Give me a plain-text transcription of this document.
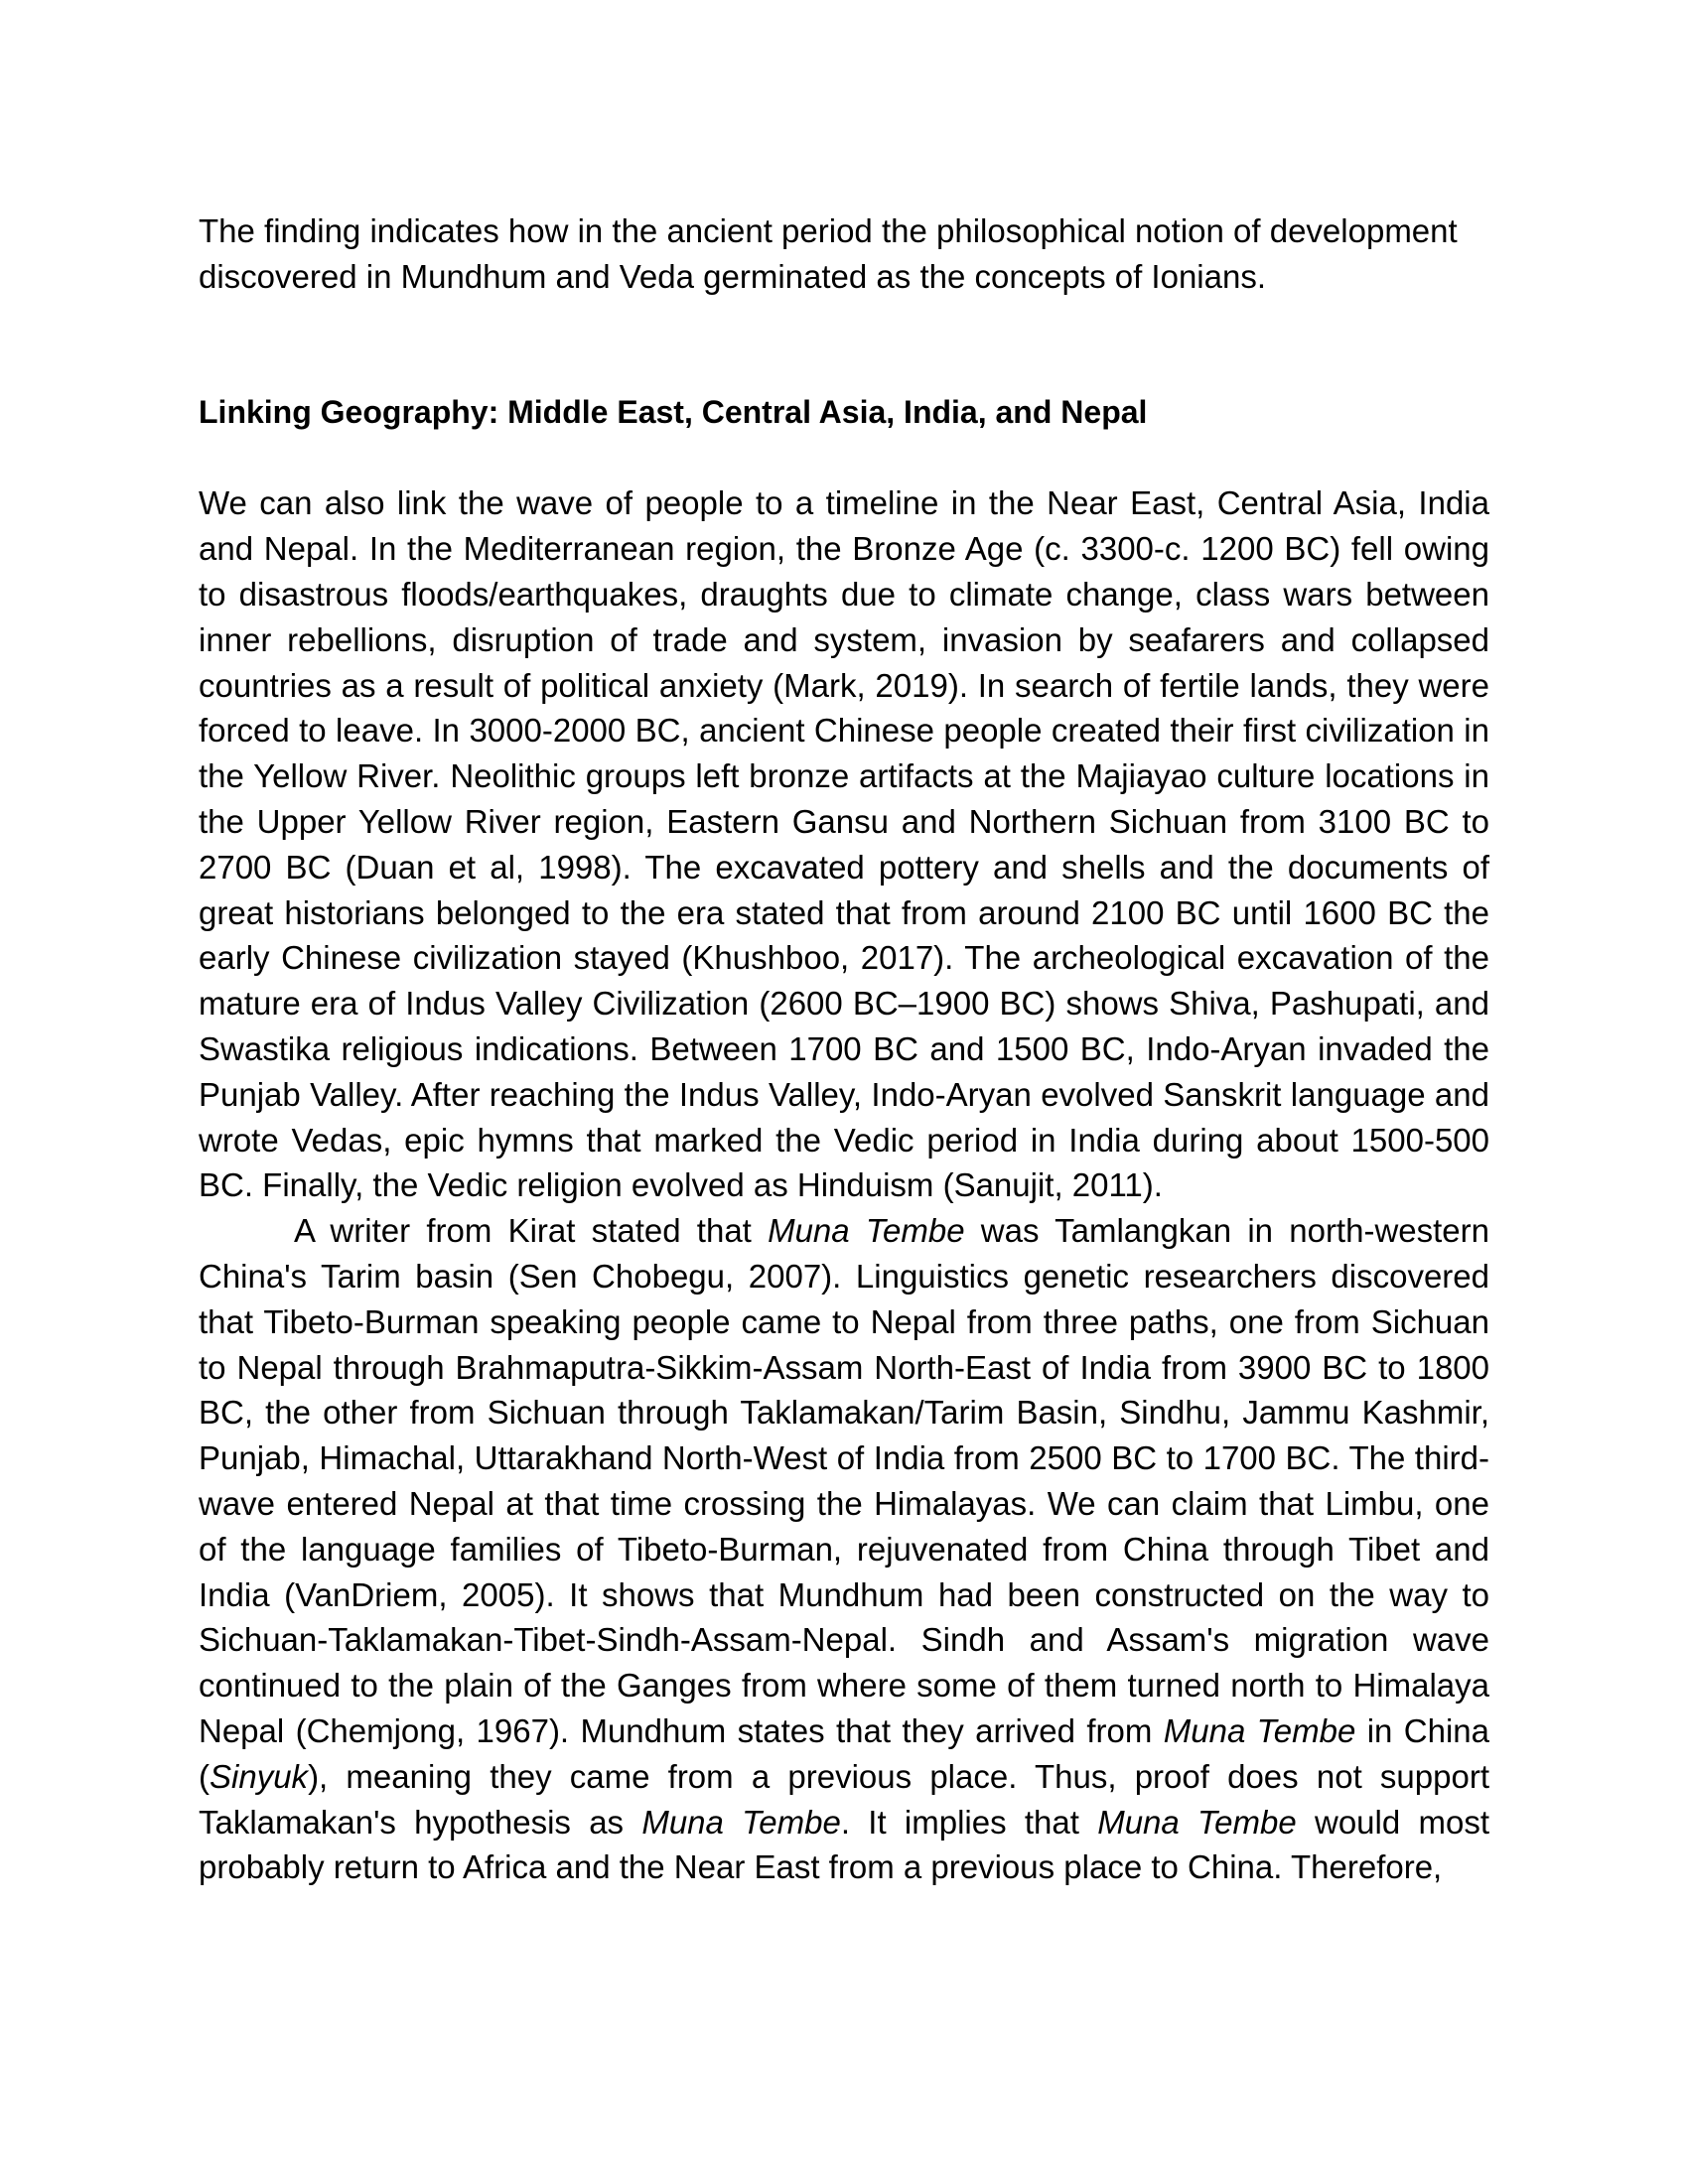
The finding indicates how in the ancient period the philosophical notion of development discovered in Mundhum and Veda germinated as the concepts of Ionians.

Linking Geography: Middle East, Central Asia, India, and Nepal

We can also link the wave of people to a timeline in the Near East, Central Asia, India and Nepal. In the Mediterranean region, the Bronze Age (c. 3300-c. 1200 BC) fell owing to disastrous floods/earthquakes, draughts due to climate change, class wars between inner rebellions, disruption of trade and system, invasion by seafarers and collapsed countries as a result of political anxiety (Mark, 2019). In search of fertile lands, they were forced to leave. In 3000-2000 BC, ancient Chinese people created their first civilization in the Yellow River. Neolithic groups left bronze artifacts at the Majiayao culture locations in the Upper Yellow River region, Eastern Gansu and Northern Sichuan from 3100 BC to 2700 BC (Duan et al, 1998). The excavated pottery and shells and the documents of great historians belonged to the era stated that from around 2100 BC until 1600 BC the early Chinese civilization stayed (Khushboo, 2017). The archeological excavation of the mature era of Indus Valley Civilization (2600 BC–1900 BC) shows Shiva, Pashupati, and Swastika religious indications. Between 1700 BC and 1500 BC, Indo-Aryan invaded the Punjab Valley. After reaching the Indus Valley, Indo-Aryan evolved Sanskrit language and wrote Vedas, epic hymns that marked the Vedic period in India during about 1500-500 BC. Finally, the Vedic religion evolved as Hinduism (Sanujit, 2011).

A writer from Kirat stated that Muna Tembe was Tamlangkan in north-western China's Tarim basin (Sen Chobegu, 2007). Linguistics genetic researchers discovered that Tibeto-Burman speaking people came to Nepal from three paths, one from Sichuan to Nepal through Brahmaputra-Sikkim-Assam North-East of India from 3900 BC to 1800 BC, the other from Sichuan through Taklamakan/Tarim Basin, Sindhu, Jammu Kashmir, Punjab, Himachal, Uttarakhand North-West of India from 2500 BC to 1700 BC. The third-wave entered Nepal at that time crossing the Himalayas. We can claim that Limbu, one of the language families of Tibeto-Burman, rejuvenated from China through Tibet and India (VanDriem, 2005). It shows that Mundhum had been constructed on the way to Sichuan-Taklamakan-Tibet-Sindh-Assam-Nepal. Sindh and Assam's migration wave continued to the plain of the Ganges from where some of them turned north to Himalaya Nepal (Chemjong, 1967). Mundhum states that they arrived from Muna Tembe in China (Sinyuk), meaning they came from a previous place. Thus, proof does not support Taklamakan's hypothesis as Muna Tembe. It implies that Muna Tembe would most probably return to Africa and the Near East from a previous place to China. Therefore,
